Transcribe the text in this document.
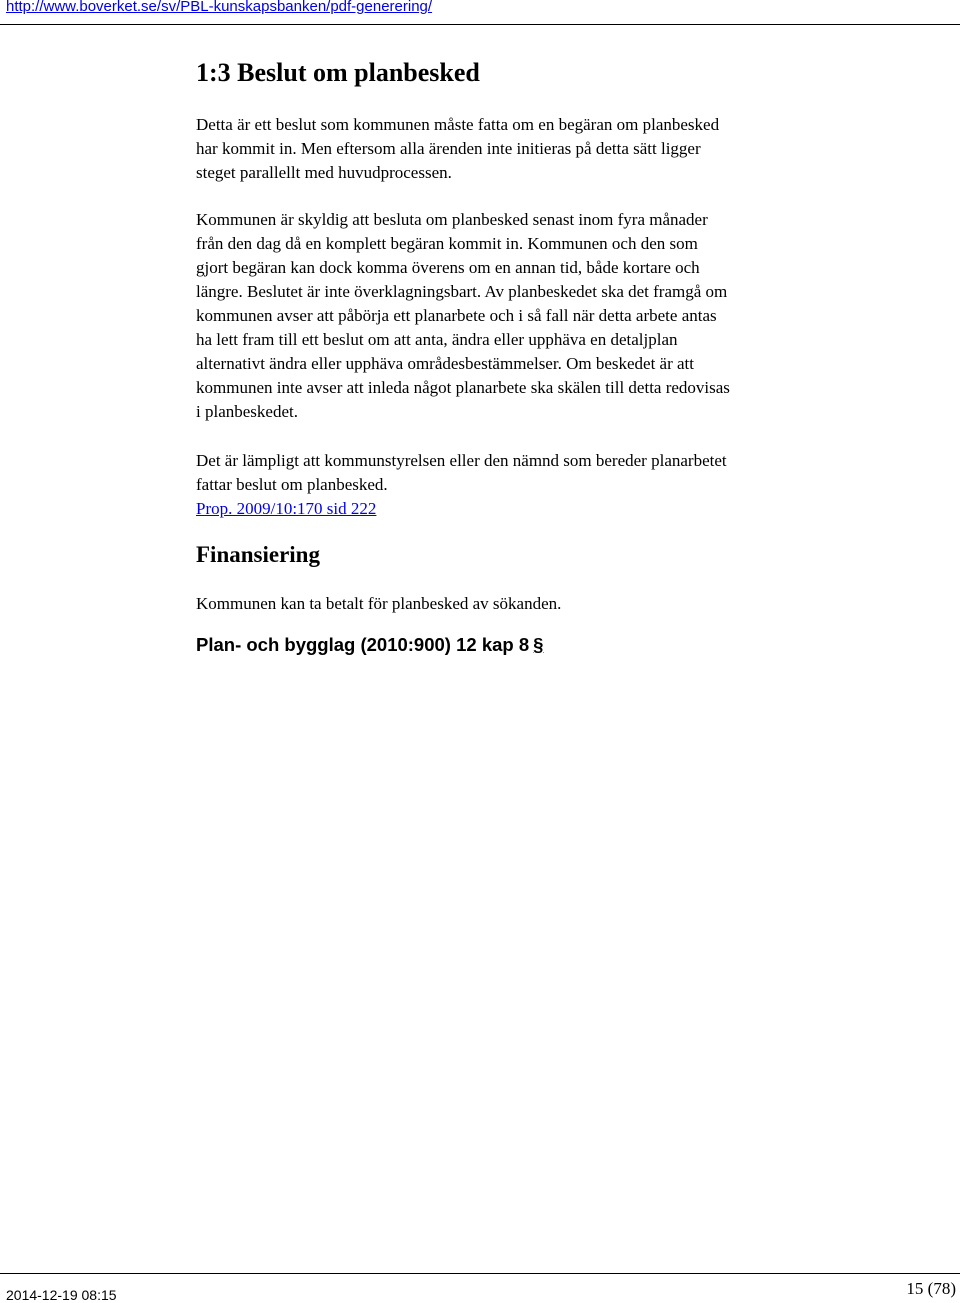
http://www.boverket.se/sv/PBL-kunskapsbanken/pdf-generering/
1:3 Beslut om planbesked

Detta är ett beslut som kommunen måste fatta om en begäran om planbesked
har kommit in. Men eftersom alla ärenden inte initieras på detta sätt ligger
steget parallellt med huvudprocessen.

Kommunen är skyldig att besluta om planbesked senast inom fyra månader
från den dag då en komplett begäran kommit in. Kommunen och den som
gjort begäran kan dock komma överens om en annan tid, både kortare och
längre. Beslutet är inte överklagningsbart. Av planbeskedet ska det framgå om
kommunen avser att påbörja ett planarbete och i så fall när detta arbete antas
ha lett fram till ett beslut om att anta, ändra eller upphäva en detaljplan
alternativt ändra eller upphäva områdesbestämmelser. Om beskedet är att
kommunen inte avser att inleda något planarbete ska skälen till detta redovisas
i planbeskedet.

Det är lämpligt att kommunstyrelsen eller den nämnd som bereder planarbetet
fattar beslut om planbesked.

Prop. 2009/10:170 sid 222
Finansiering

Kommunen kan ta betalt för planbesked av sökanden.

Plan- och bygglag (2010:900) 12 kap 8 §
2014-12-19 08:15	15 (78)
